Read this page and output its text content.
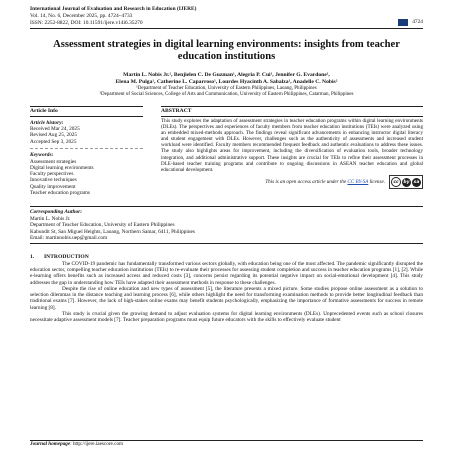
International Journal of Evaluation and Research in Education (IJERE)
Vol. 14, No. 6, December 2025, pp. 4724~4733
ISSN: 2252-8822, DOI: 10.11591/ijere.v14i6.35270	4724
Assessment strategies in digital learning environments: insights from teacher education institutions
Martin L. Nobis Jr.¹, Benjielen C. De Guzman¹, Alegria P. Cui¹, Jennifer G. Evardone¹,
Elena M. Pulga¹, Catherine L. Caparroso¹, Lourdes Hyacinth A. Sabalza¹, Anadelle C. Nobis²
¹Department of Teacher Education, University of Eastern Philippines, Laoang, Philippines
²Department of Social Sciences, College of Arts and Communication, University of Eastern Philippines, Catarman, Philippines
Article Info
Article history:
Received Mar 24, 2025
Revised Aug 25, 2025
Accepted Sep 3, 2025
Keywords:
Assessment strategies
Digital learning environments
Faculty perspectives
Innovative techniques
Quality improvement
Teacher education programs
ABSTRACT
This study explores the adaptation of assessment strategies in teacher education programs within digital learning environments (DLEs). The perspectives and experiences of faculty members from teacher education institutions (TEIs) were analyzed using an embedded mixed-methods approach. The findings reveal significant advancements in enhancing instructor digital literacy and student engagement with DLEs. However, challenges such as the authenticity of assessments and increased student workload were identified. Faculty members recommended frequent feedback and authentic evaluations to address these issues. The study also highlights areas for improvement, including the diversification of evaluation tools, broader technology integration, and additional administrative support. These insights are crucial for TEIs to refine their assessment processes in DLE-based teacher training programs and contribute to ongoing discussions in ASEAN teacher education and global educational development.
This is an open access article under the CC BY-SA license.	cc	by sa
Corresponding Author:
Martin L. Nobis Jr.
Department of Teacher Education, University of Eastern Philippines
Kabundit St, San Miguel Heights, Laoang, Northern Samar, 6411, Philippines
Email: martinnobis.uep@gmail.com
1.       INTRODUCTION

The COVID-19 pandemic has fundamentally transformed various sectors globally, with education being one of the most affected. The pandemic significantly disrupted the education sector, compelling teacher education institutions (TEIs) to re-evaluate their processes for assessing student completion and success in teacher education programs [1], [2]. While e-learning offers benefits such as increased access and reduced costs [3], concerns persist regarding its potential negative impact on social-emotional development [4]. This study addresses the gap in understanding how TEIs have adapted their assessment methods in response to these challenges.

Despite the rise of online education and new types of assessment [5], the literature presents a mixed picture. Some studies propose online assessment as a solution to selection dilemmas in the distance teaching and learning process [6], while others highlight the need for transforming examination methods to provide better longitudinal feedback than traditional exams [7]. However, the lack of high-stakes online exams may benefit students psychologically, emphasizing the importance of formative assessments for success in remote learning [8].

This study is crucial given the growing demand to adjust evaluation systems for digital learning environments (DLEs). Unprecedented events such as school closures necessitate adaptive assessment models [7]. Teacher preparation programs must equip future educators with the skills to effectively evaluate student

Journal homepage: http://ijere.iaescore.com
